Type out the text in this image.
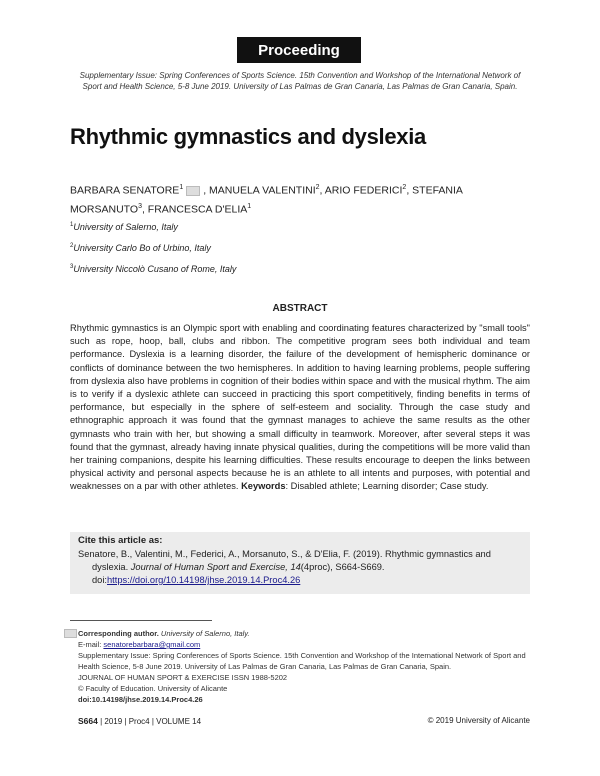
Proceeding
Supplementary Issue: Spring Conferences of Sports Science. 15th Convention and Workshop of the International Network of Sport and Health Science, 5-8 June 2019. University of Las Palmas de Gran Canaria, Las Palmas de Gran Canaria, Spain.
Rhythmic gymnastics and dyslexia
BARBARA SENATORE$^1$ , MANUELA VALENTINI$^2$, ARIO FEDERICI$^2$, STEFANIA MORSANUTO$^3$, FRANCESCA D'ELIA$^1$
$^1$University of Salerno, Italy
$^2$University Carlo Bo of Urbino, Italy
$^3$University Niccolò Cusano of Rome, Italy
ABSTRACT
Rhythmic gymnastics is an Olympic sport with enabling and coordinating features characterized by "small tools" such as rope, hoop, ball, clubs and ribbon. The competitive program sees both individual and team performance. Dyslexia is a learning disorder, the failure of the development of hemispheric dominance or conflicts of dominance between the two hemispheres. In addition to having learning problems, people suffering from dyslexia also have problems in cognition of their bodies within space and with the musical rhythm. The aim is to verify if a dyslexic athlete can succeed in practicing this sport competitively, finding benefits in terms of performance, but especially in the sphere of self-esteem and sociality. Through the case study and ethnographic approach it was found that the gymnast manages to achieve the same results as the other gymnasts who train with her, but showing a small difficulty in teamwork. Moreover, after several steps it was found that the gymnast, already having innate physical qualities, during the competitions will be more valid than her training companions, despite his learning difficulties. These results encourage to deepen the links between physical activity and personal aspects because he is an athlete to all intents and purposes, with potential and weaknesses on a par with other athletes. Keywords: Disabled athlete; Learning disorder; Case study.
Cite this article as:
Senatore, B., Valentini, M., Federici, A., Morsanuto, S., & D'Elia, F. (2019). Rhythmic gymnastics and
dyslexia. Journal of Human Sport and Exercise, 14(4proc), S664-S669.
doi:https://doi.org/10.14198/jhse.2019.14.Proc4.26
Corresponding author. University of Salerno, Italy.
E-mail: senatorebarbara@gmail.com
Supplementary Issue: Spring Conferences of Sports Science. 15th Convention and Workshop of the International Network of Sport and Health Science, 5-8 June 2019. University of Las Palmas de Gran Canaria, Las Palmas de Gran Canaria, Spain.
JOURNAL OF HUMAN SPORT & EXERCISE ISSN 1988-5202
© Faculty of Education. University of Alicante
doi:10.14198/jhse.2019.14.Proc4.26
S664 | 2019 | Proc4 | VOLUME 14	© 2019 University of Alicante
